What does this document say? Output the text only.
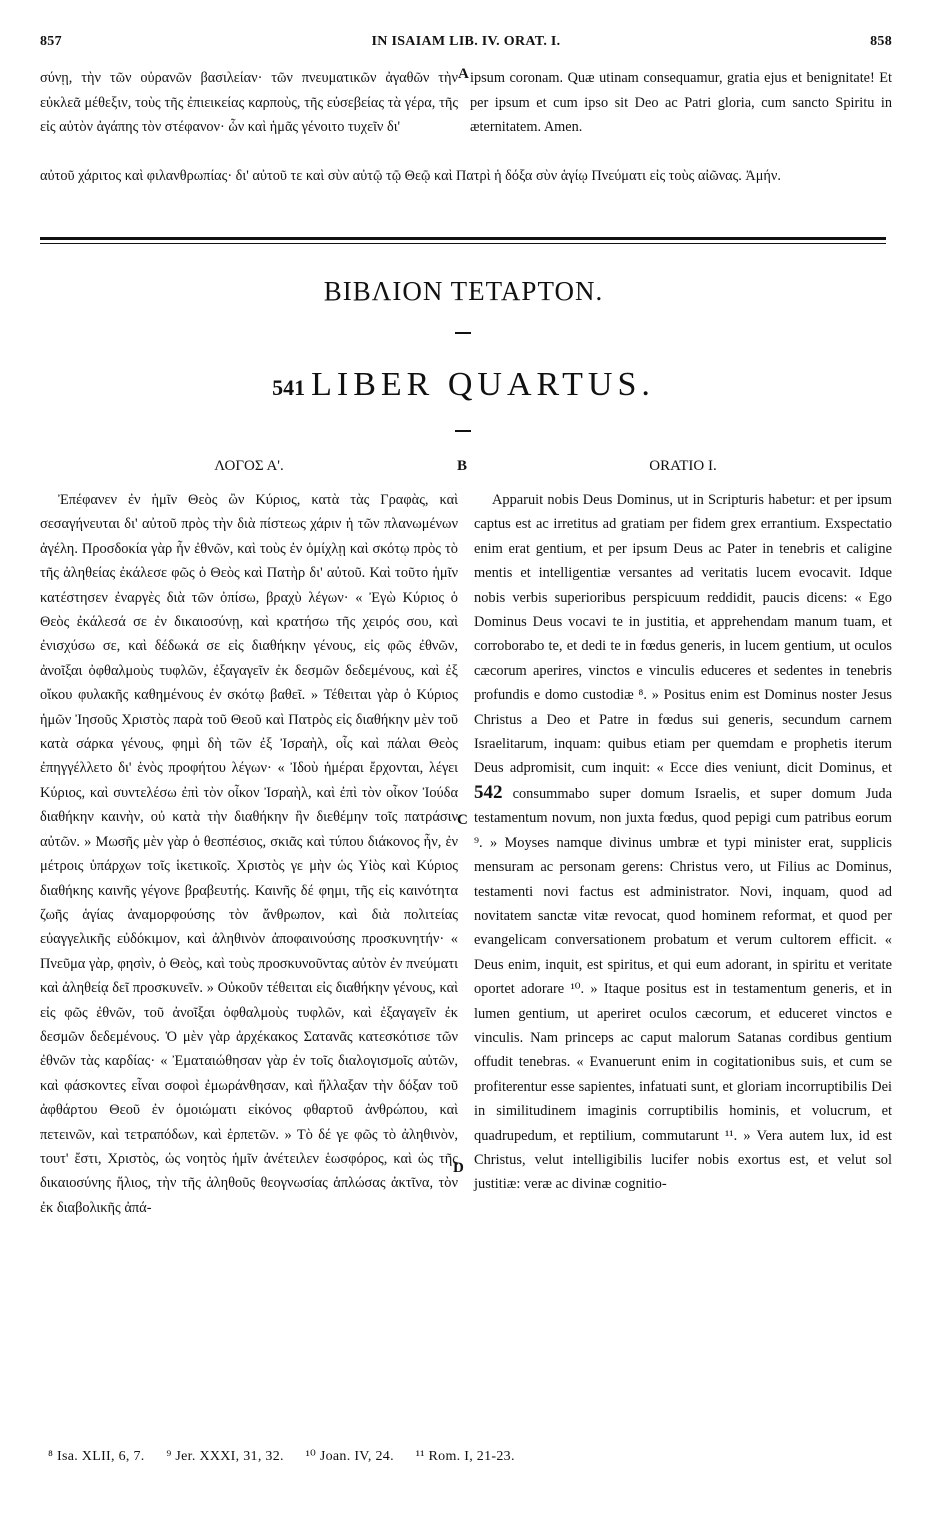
857	IN ISAIAM LIB. IV. ORAT. I.	858
σύνῃ, τὴν τῶν οὐρανῶν βασιλείαν· τῶν πνευματικῶν ἀγαθῶν τὴν εὐκλεᾶ μέθεξιν, τοὺς τῆς ἐπιεικείας καρποὺς, τῆς εὐσεβείας τὰ γέρα, τῆς εἰς αὐτὸν ἀγάπης τὸν στέφανον· ὧν καὶ ἡμᾶς γένοιτο τυχεῖν δι'
A ipsum coronam. Quæ utinam consequamur, gratia ejus et benignitate! Et per ipsum et cum ipso sit Deo ac Patri gloria, cum sancto Spiritu in æternitatem. Amen.
αὐτοῦ χάριτος καὶ φιλανθρωπίας· δι' αὐτοῦ τε καὶ σὺν αὐτῷ τῷ Θεῷ καὶ Πατρὶ ἡ δόξα σὺν ἁγίῳ Πνεύματι εἰς τοὺς αἰῶνας. Ἀμήν.
ΒΙΒΛΙΟΝ ΤΕΤΑΡΤΟΝ.
541 LIBER QUARTUS.
ΛΟΓΟΣ Α'.	B	ORATIO I.

Ἐπέφανεν ἐν ἡμῖν Θεὸς ὢν Κύριος, κατὰ τὰς Γραφὰς, καὶ σεσαγήνευται δι' αὐτοῦ πρὸς τὴν διὰ πίστεως χάριν ἡ τῶν πλανωμένων ἀγέλη. Προσδοκία γὰρ ἦν ἐθνῶν, καὶ τοὺς ἐν ὁμίχλῃ καὶ σκότῳ πρὸς τὸ τῆς ἀληθείας ἐκάλεσε φῶς ὁ Θεὸς καὶ Πατὴρ δι' αὐτοῦ. Καὶ τοῦτο ἡμῖν κατέστησεν ἐναργὲς διὰ τῶν ὀπίσω, βραχὺ λέγων· « Ἐγὼ Κύριος ὁ Θεὸς ἐκάλεσά σε ἐν δικαιοσύνῃ, καὶ κρατήσω τῆς χειρός σου, καὶ ἐνισχύσω σε, καὶ δέδωκά σε εἰς διαθήκην γένους, εἰς φῶς ἐθνῶν, ἀνοῖξαι ὀφθαλμοὺς τυφλῶν, ἐξαγαγεῖν ἐκ δεσμῶν δεδεμένους, καὶ ἐξ οἴκου φυλακῆς καθημένους ἐν σκότῳ βαθεῖ. » Τέθειται γὰρ ὁ Κύριος ἡμῶν Ἰησοῦς Χριστὸς παρὰ τοῦ Θεοῦ καὶ Πατρὸς εἰς διαθήκην μὲν τοῦ κατὰ σάρκα γένους, φημὶ δὴ τῶν ἐξ Ἰσραὴλ, οἷς καὶ πάλαι Θεὸς ἐπηγγέλλετο δι' ἑνὸς προφήτου λέγων· « Ἰδοὺ ἡμέραι ἔρχονται, λέγει Κύριος, καὶ συντελέσω ἐπὶ τὸν οἶκον Ἰσραὴλ, καὶ ἐπὶ τὸν οἶκον Ἰούδα διαθήκην καινὴν, οὐ κατὰ τὴν διαθήκην ἣν διεθέμην τοῖς πατράσιν αὐτῶν. » Μωσῆς μὲν γὰρ ὁ θεσπέσιος, σκιᾶς καὶ τύπου διάκονος ἦν, ἐν μέτροις ὑπάρχων τοῖς ἱκετικοῖς. Χριστὸς γε μὴν ὡς Υἱὸς καὶ Κύριος διαθήκης καινῆς γέγονε βραβευτής. Καινῆς δέ φημι, τῆς εἰς καινότητα ζωῆς ἁγίας ἀναμορφούσης τὸν ἄνθρωπον, καὶ διὰ πολιτείας εὐαγγελικῆς εὐδόκιμον, καὶ ἀληθινὸν ἀποφαινούσης προσκυνητήν· « Πνεῦμα γὰρ, φησὶν, ὁ Θεὸς, καὶ τοὺς προσκυνοῦντας αὐτὸν ἐν πνεύματι καὶ ἀληθείᾳ δεῖ προσκυνεῖν. » Οὐκοῦν τέθειται εἰς διαθήκην γένους, καὶ εἰς φῶς ἐθνῶν, τοῦ ἀνοῖξαι ὀφθαλμοὺς τυφλῶν, καὶ ἐξαγαγεῖν ἐκ δεσμῶν δεδεμένους. Ὁ μὲν γὰρ ἀρχέκακος Σατανᾶς κατεσκότισε τῶν ἐθνῶν τὰς καρδίας· « Ἐματαιώθησαν γὰρ ἐν τοῖς διαλογισμοῖς αὐτῶν, καὶ φάσκοντες εἶναι σοφοὶ ἐμωράνθησαν, καὶ ἤλλαξαν τὴν δόξαν τοῦ ἀφθάρτου Θεοῦ ἐν ὁμοιώματι εἰκόνος φθαρτοῦ ἀνθρώπου, καὶ πετεινῶν, καὶ τετραπόδων, καὶ ἑρπετῶν. » Τὸ δέ γε φῶς τὸ ἀληθινὸν, τουτ' ἔστι, Χριστὸς, ὡς νοητὸς ἡμῖν ἀνέτειλεν ἑωσφόρος, καὶ ὡς τῆς δικαιοσύνης ἥλιος, τὴν τῆς ἀληθοῦς θεογνωσίας ἁπλώσας ἀκτῖνα, τὸν ἐκ διαβολικῆς ἀπά-

C
D

Apparuit nobis Deus Dominus, ut in Scripturis habetur: et per ipsum captus est ac irretitus ad gratiam per fidem grex errantium. Exspectatio enim erat gentium, et per ipsum Deus ac Pater in tenebris et caligine mentis et intelligentiæ versantes ad veritatis lucem evocavit. Idque nobis verbis superioribus perspicuum reddidit, paucis dicens: « Ego Dominus Deus vocavi te in justitia, et apprehendam manum tuam, et corroborabo te, et dedi te in fœdus generis, in lucem gentium, ut oculos cæcorum aperires, vinctos e vinculis educeres et sedentes in tenebris profundis e domo custodiæ ⁸. » Positus enim est Dominus noster Jesus Christus a Deo et Patre in fœdus sui generis, secundum carnem Israelitarum, inquam: quibus etiam per quemdam e prophetis iterum Deus adpromisit, cum inquit: « Ecce dies veniunt, dicit Dominus, et 542 consummabo super domum Israelis, et super domum Juda testamentum novum, non juxta fœdus, quod pepigi cum patribus eorum ⁹. » Moyses namque divinus umbræ et typi minister erat, supplicis mensuram ac personam gerens: Christus vero, ut Filius ac Dominus, testamenti novi factus est administrator. Novi, inquam, quod ad novitatem sanctæ vitæ revocat, quod hominem reformat, et quod per evangelicam conversationem probatum et verum cultorem efficit. « Deus enim, inquit, est spiritus, et qui eum adorant, in spiritu et veritate oportet adorare ¹⁰. » Itaque positus est in testamentum generis, et in lumen gentium, ut aperiret oculos cæcorum, et educeret vinctos e vinculis. Nam princeps ac caput malorum Satanas cordibus gentium offudit tenebras. « Evanuerunt enim in cogitationibus suis, et cum se profiterentur esse sapientes, infatuati sunt, et gloriam incorruptibilis Dei in similitudinem imaginis corruptibilis hominis, et volucrum, et quadrupedum, et reptilium, commutarunt ¹¹. » Vera autem lux, id est Christus, velut intelligibilis lucifer nobis exortus est, et velut sol justitiæ: veræ ac divinæ cognitio-

⁸ Isa. XLII, 6, 7. ⁹ Jer. XXXI, 31, 32. ¹⁰ Joan. IV, 24. ¹¹ Rom. I, 21-23.
